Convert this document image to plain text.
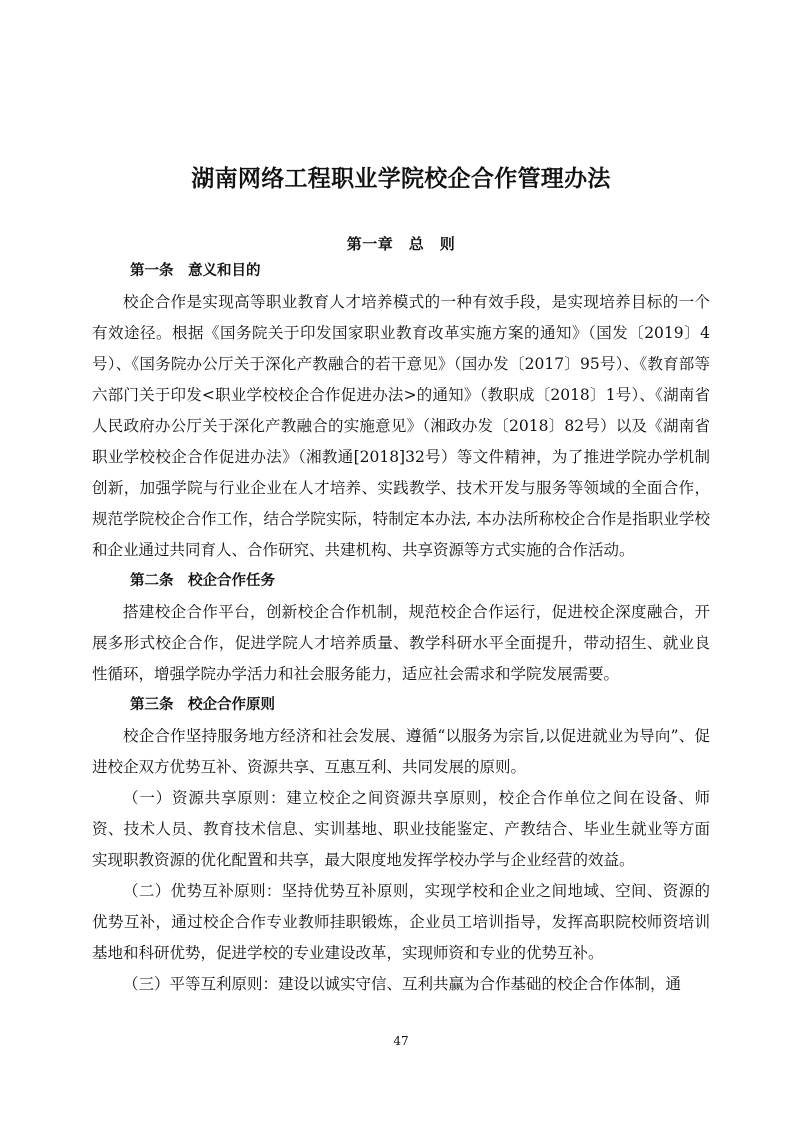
湖南网络工程职业学院校企合作管理办法
第一章　总　则

第一条　意义和目的

校企合作是实现高等职业教育人才培养模式的一种有效手段，是实现培养目标的一个有效途径。根据《国务院关于印发国家职业教育改革实施方案的通知》（国发〔2019〕4号）、《国务院办公厅关于深化产教融合的若干意见》（国办发〔2017〕95号）、《教育部等六部门关于印发<职业学校校企合作促进办法>的通知》（教职成〔2018〕1号）、《湖南省人民政府办公厅关于深化产教融合的实施意见》（湘政办发〔2018〕82号）以及《湖南省职业学校校企合作促进办法》（湘教通[2018]32号）等文件精神，为了推进学院办学机制创新，加强学院与行业企业在人才培养、实践教学、技术开发与服务等领域的全面合作，规范学院校企合作工作，结合学院实际，特制定本办法, 本办法所称校企合作是指职业学校和企业通过共同育人、合作研究、共建机构、共享资源等方式实施的合作活动。

第二条　校企合作任务

搭建校企合作平台，创新校企合作机制，规范校企合作运行，促进校企深度融合，开展多形式校企合作，促进学院人才培养质量、教学科研水平全面提升，带动招生、就业良性循环，增强学院办学活力和社会服务能力，适应社会需求和学院发展需要。

第三条　校企合作原则

校企合作坚持服务地方经济和社会发展、遵循“以服务为宗旨,以促进就业为导向”、促进校企双方优势互补、资源共享、互惠互利、共同发展的原则。

（一）资源共享原则：建立校企之间资源共享原则，校企合作单位之间在设备、师资、技术人员、教育技术信息、实训基地、职业技能鉴定、产教结合、毕业生就业等方面实现职教资源的优化配置和共享，最大限度地发挥学校办学与企业经营的效益。

（二）优势互补原则：坚持优势互补原则，实现学校和企业之间地域、空间、资源的优势互补，通过校企合作专业教师挂职锻炼，企业员工培训指导，发挥高职院校师资培训基地和科研优势，促进学校的专业建设改革，实现师资和专业的优势互补。

（三）平等互利原则：建设以诚实守信、互利共赢为合作基础的校企合作体制，通

47
